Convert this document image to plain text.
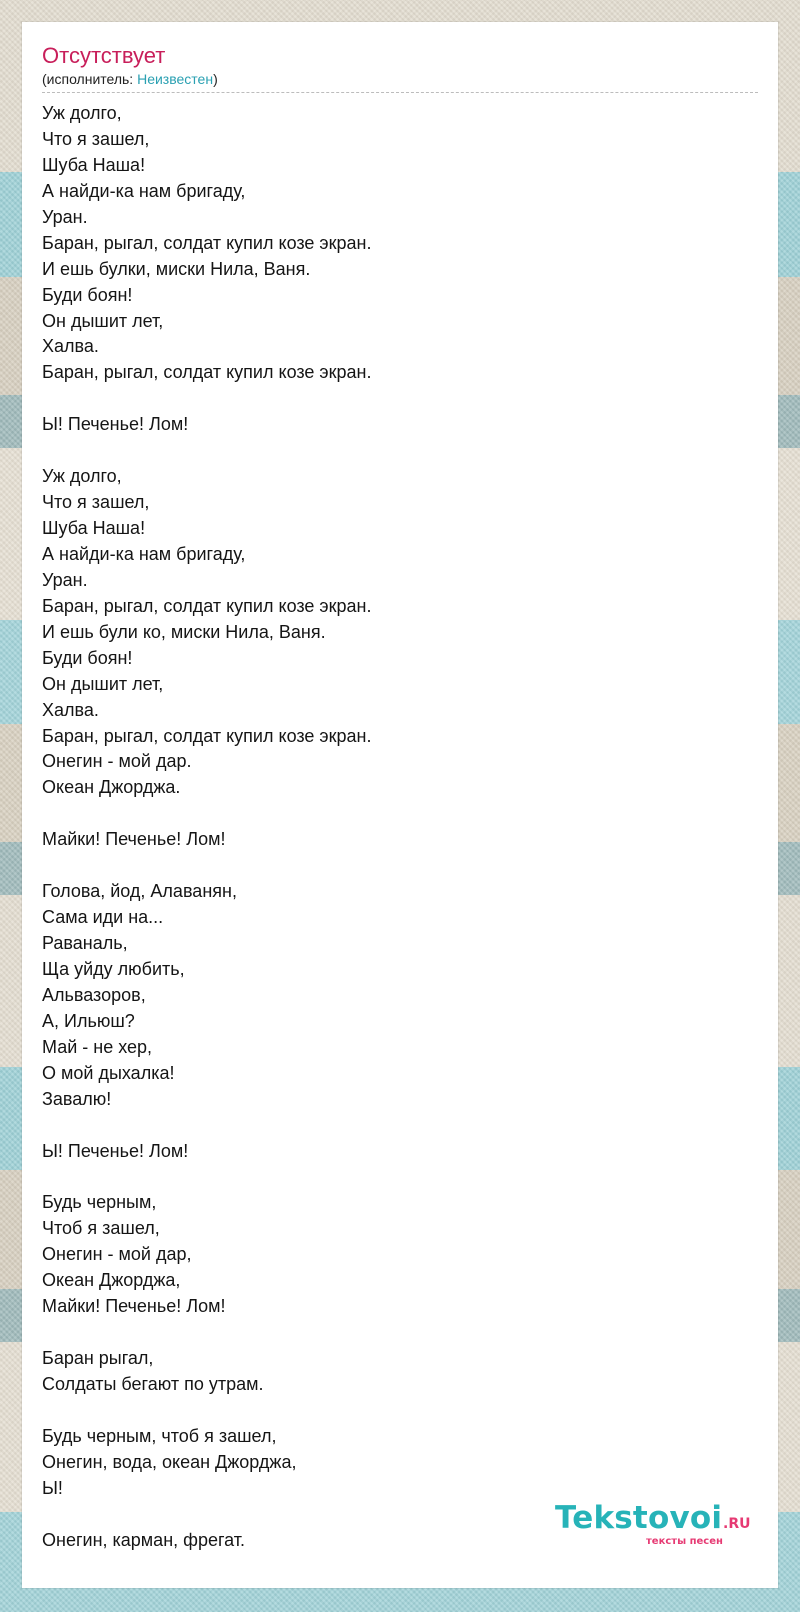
Отсутствует
(исполнитель: Неизвестен)
Уж долго,
Что я зашел,
Шуба Наша!
А найди-ка нам бригаду,
Уран.
Баран, рыгал, солдат купил козе экран.
И ешь булки, миски Нила, Ваня.
Буди боян!
Он дышит лет,
Халва.
Баран, рыгал, солдат купил козе экран.
Ы! Печенье! Лом!
Уж долго,
Что я зашел,
Шуба Наша!
А найди-ка нам бригаду,
Уран.
Баран, рыгал, солдат купил козе экран.
И ешь були ко, миски Нила, Ваня.
Буди боян!
Он дышит лет,
Халва.
Баран, рыгал, солдат купил козе экран.
Онегин - мой дар.
Океан Джорджа.
Майки! Печенье! Лом!
Голова, йод, Алаванян,
Сама иди на...
Раваналь,
Ща уйду любить,
Альвазоров,
А, Ильюш?
Май - не хер,
О мой дыхалка!
Завалю!
Ы! Печенье! Лом!
Будь черным,
Чтоб я зашел,
Онегин - мой дар,
Океан Джорджа,
Майки! Печенье! Лом!
Баран рыгал,
Солдаты бегают по утрам.
Будь черным, чтоб я зашел,
Онегин, вода, океан Джорджа,
Ы!
Онегин, карман, фрегат.
Tekstovoi .RU
тексты песен
